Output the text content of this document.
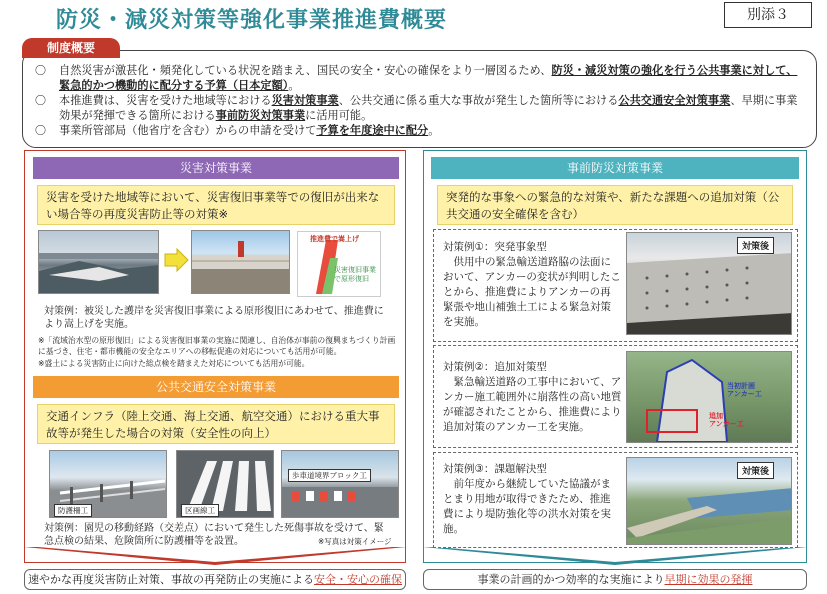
防災・減災対策等強化事業推進費概要	別添３
〇 自然災害が激甚化・頻発化している状況を踏まえ、国民の安全・安心の確保をより一層図るため、防災・減災対策の強化を行う公共事業に対して、緊急的かつ機動的に配分する予算（日本定額）。
〇 本推進費は、災害を受けた地域等における災害対策事業、公共交通に係る重大な事故が発生した箇所等における公共交通安全対策事業、早期に事業効果が発揮できる箇所における事前防災対策事業に活用可能。
〇 事業所管部局（他省庁を含む）からの申請を受けて予算を年度途中に配分。
制度概要
災害対策事業
災害を受けた地域等において、災害復旧事業等での復旧が出来ない場合等の再度災害防止等の対策※
推進費で嵩上げ
災害復旧事業で原形復旧
対策例：被災した護岸を災害復旧事業による原形復旧にあわせて、推進費により嵩上げを実施。
※「流域治水型の原形復旧」による災害復旧事業の実施に関連し、自治体が事前の復興まちづくり計画に基づき、住宅・都市機能の安全なエリアへの移転促進の対応についても活用が可能。
※盛土による災害防止に向けた総点検を踏まえた対応についても活用が可能。
公共交通安全対策事業
交通インフラ（陸上交通、海上交通、航空交通）における重大事故等が発生した場合の対策（安全性の向上）
防護柵工	区画線工
歩車道境界ブロック工
対策例：園児の移動経路（交差点）において発生した死傷事故を受けて、緊急点検の結果、危険箇所に防護柵等を設置。	※写真は対策イメージ
事前防災対策事業
突発的な事象への緊急的な対策や、新たな課題への追加対策（公共交通の安全確保を含む）
対策例①：突発事象型
供用中の緊急輸送道路脇の法面において、アンカーの変状が判明したことから、推進費によりアンカーの再緊張や地山補強土工による緊急対策を実施。
対策後
対策例②：追加対策型
緊急輸送道路の工事中において、アンカー施工範囲外に崩落性の高い地質が確認されたことから、推進費により追加対策のアンカー工を実施。
当初計画
アンカー工
追加
アンカー工
対策例③：課題解決型
前年度から継続していた協議がまとまり用地が取得できたため、推進費により堤防強化等の洪水対策を実施。
対策後
速やかな再度災害防止対策、事故の再発防止の実施による安全・安心の確保	事業の計画的かつ効率的な実施により早期に効果の発揮
